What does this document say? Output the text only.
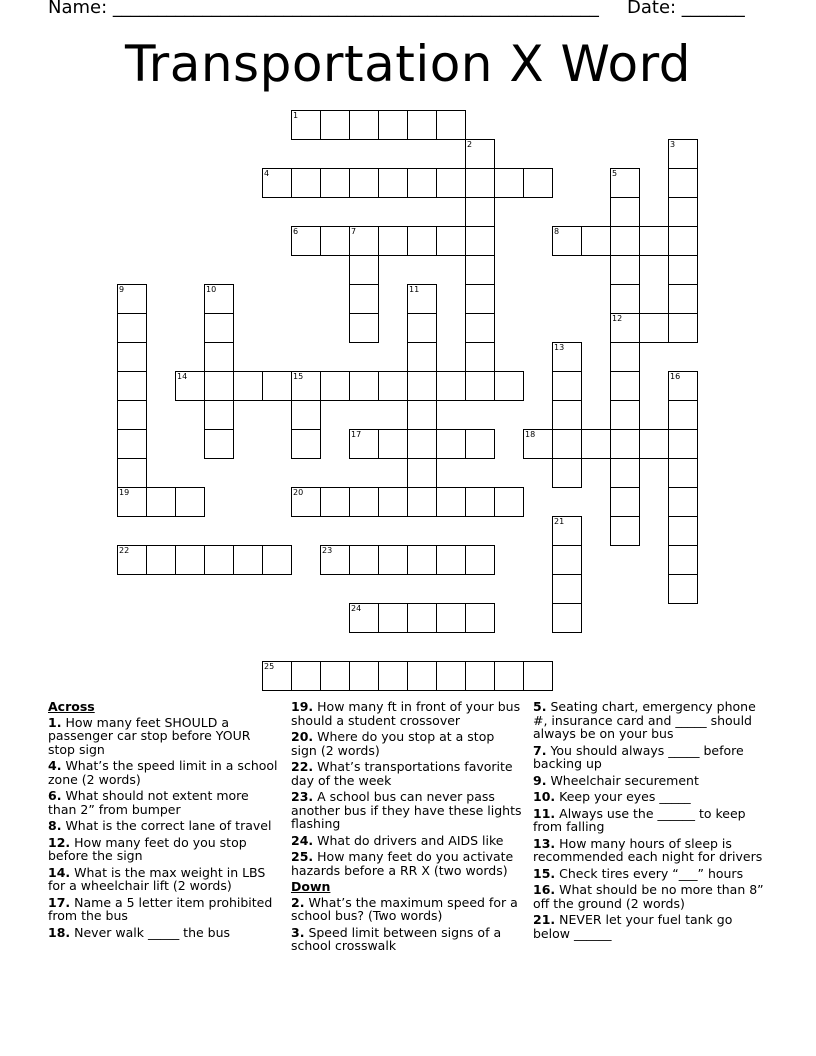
Name: ______________________________________________________ Date: _______
Transportation X Word
1
2	3
4	5
12
6	7	8
9
19
10	11
13
14	15	16
17	18
20
21
22	23
24
25
Across
1. How many feet SHOULD a passenger car stop before YOUR stop sign
4. What’s the speed limit in a school zone (2 words)
6. What should not extent more than 2” from bumper
8. What is the correct lane of travel
12. How many feet do you stop before the sign
14. What is the max weight in LBS for a wheelchair lift (2 words)
17. Name a 5 letter item prohibited from the bus
18. Never walk _____ the bus
19. How many ft in front of your bus should a student crossover
20. Where do you stop at a stop sign (2 words)
22. What’s transportations favorite day of the week
23. A school bus can never pass another bus if they have these lights flashing
24. What do drivers and AIDS like
25. How many feet do you activate hazards before a RR X (two words)
Down
2. What’s the maximum speed for a school bus? (Two words)
3. Speed limit between signs of a school crosswalk
5. Seating chart, emergency phone #, insurance card and _____ should always be on your bus
7. You should always _____ before backing up
9. Wheelchair securement
10. Keep your eyes _____
11. Always use the ______ to keep from falling
13. How many hours of sleep is recommended each night for drivers
15. Check tires every “___” hours
16. What should be no more than 8” off the ground (2 words)
21. NEVER let your fuel tank go below ______
